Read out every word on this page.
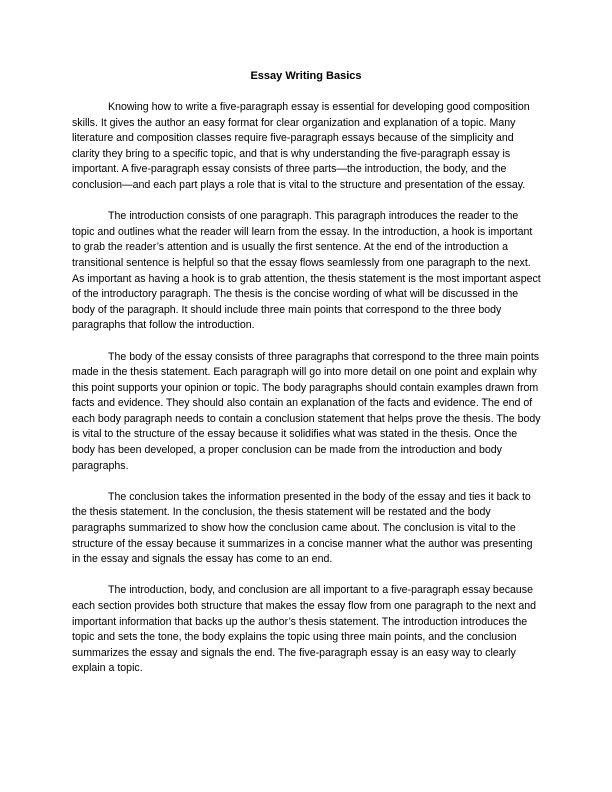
Essay Writing Basics

Knowing how to write a five-paragraph essay is essential for developing good composition skills. It gives the author an easy format for clear organization and explanation of a topic. Many literature and composition classes require five-paragraph essays because of the simplicity and clarity they bring to a specific topic, and that is why understanding the five-paragraph essay is important. A five-paragraph essay consists of three parts—the introduction, the body, and the conclusion—and each part plays a role that is vital to the structure and presentation of the essay.

The introduction consists of one paragraph. This paragraph introduces the reader to the topic and outlines what the reader will learn from the essay. In the introduction, a hook is important to grab the reader’s attention and is usually the first sentence. At the end of the introduction a transitional sentence is helpful so that the essay flows seamlessly from one paragraph to the next. As important as having a hook is to grab attention, the thesis statement is the most important aspect of the introductory paragraph. The thesis is the concise wording of what will be discussed in the body of the paragraph. It should include three main points that correspond to the three body paragraphs that follow the introduction.

The body of the essay consists of three paragraphs that correspond to the three main points made in the thesis statement. Each paragraph will go into more detail on one point and explain why this point supports your opinion or topic. The body paragraphs should contain examples drawn from facts and evidence. They should also contain an explanation of the facts and evidence. The end of each body paragraph needs to contain a conclusion statement that helps prove the thesis. The body is vital to the structure of the essay because it solidifies what was stated in the thesis. Once the body has been developed, a proper conclusion can be made from the introduction and body paragraphs.

The conclusion takes the information presented in the body of the essay and ties it back to the thesis statement. In the conclusion, the thesis statement will be restated and the body paragraphs summarized to show how the conclusion came about. The conclusion is vital to the structure of the essay because it summarizes in a concise manner what the author was presenting in the essay and signals the essay has come to an end.

The introduction, body, and conclusion are all important to a five-paragraph essay because each section provides both structure that makes the essay flow from one paragraph to the next and important information that backs up the author’s thesis statement. The introduction introduces the topic and sets the tone, the body explains the topic using three main points, and the conclusion summarizes the essay and signals the end. The five-paragraph essay is an easy way to clearly explain a topic.
